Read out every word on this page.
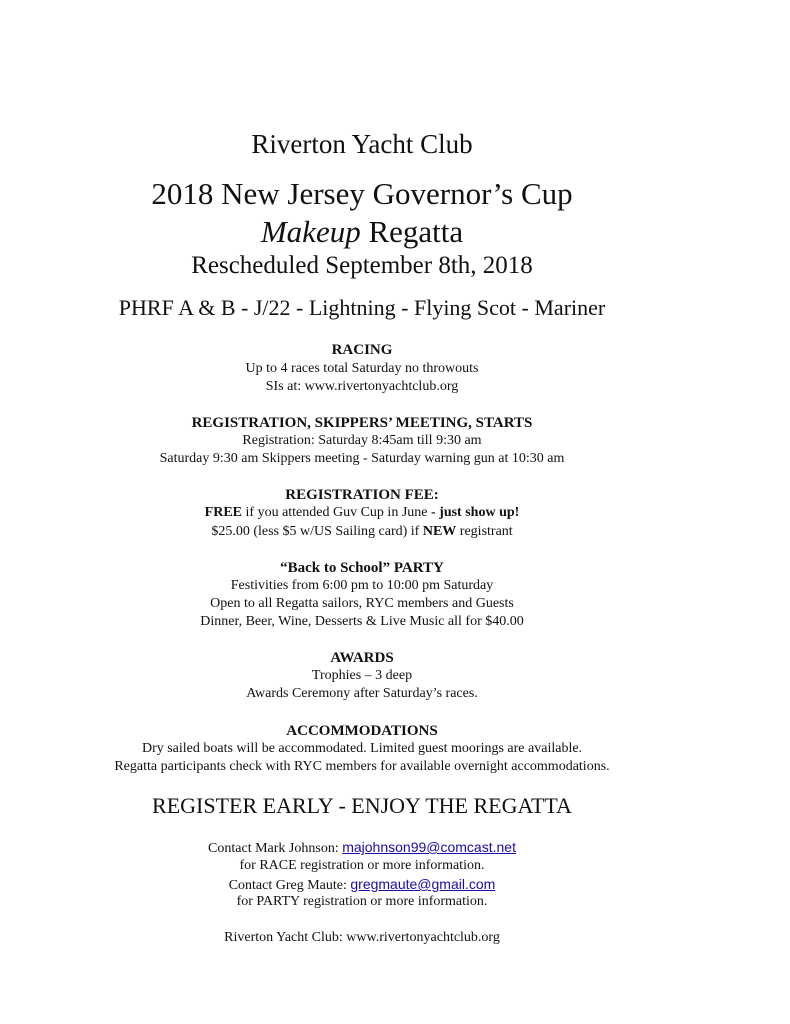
Riverton Yacht Club
2018 New Jersey Governor’s Cup
Makeup Regatta
Rescheduled September 8th, 2018
PHRF A & B - J/22 - Lightning - Flying Scot - Mariner
RACING
Up to 4 races total Saturday no throwouts
SIs at: www.rivertonyachtclub.org
REGISTRATION, SKIPPERS’ MEETING, STARTS
Registration: Saturday 8:45am till 9:30 am
Saturday 9:30 am Skippers meeting - Saturday warning gun at 10:30 am
REGISTRATION FEE:
FREE if you attended Guv Cup in June - just show up!
$25.00 (less $5 w/US Sailing card) if NEW registrant
“Back to School” PARTY
Festivities from 6:00 pm to 10:00 pm Saturday
Open to all Regatta sailors, RYC members and Guests
Dinner, Beer, Wine, Desserts & Live Music all for $40.00
AWARDS
Trophies – 3 deep
Awards Ceremony after Saturday’s races.
ACCOMMODATIONS
Dry sailed boats will be accommodated. Limited guest moorings are available.
Regatta participants check with RYC members for available overnight accommodations.
REGISTER EARLY - ENJOY THE REGATTA
Contact Mark Johnson: majohnson99@comcast.net
for RACE registration or more information.
Contact Greg Maute: gregmaute@gmail.com
for PARTY registration or more information.
Riverton Yacht Club: www.rivertonyachtclub.org
